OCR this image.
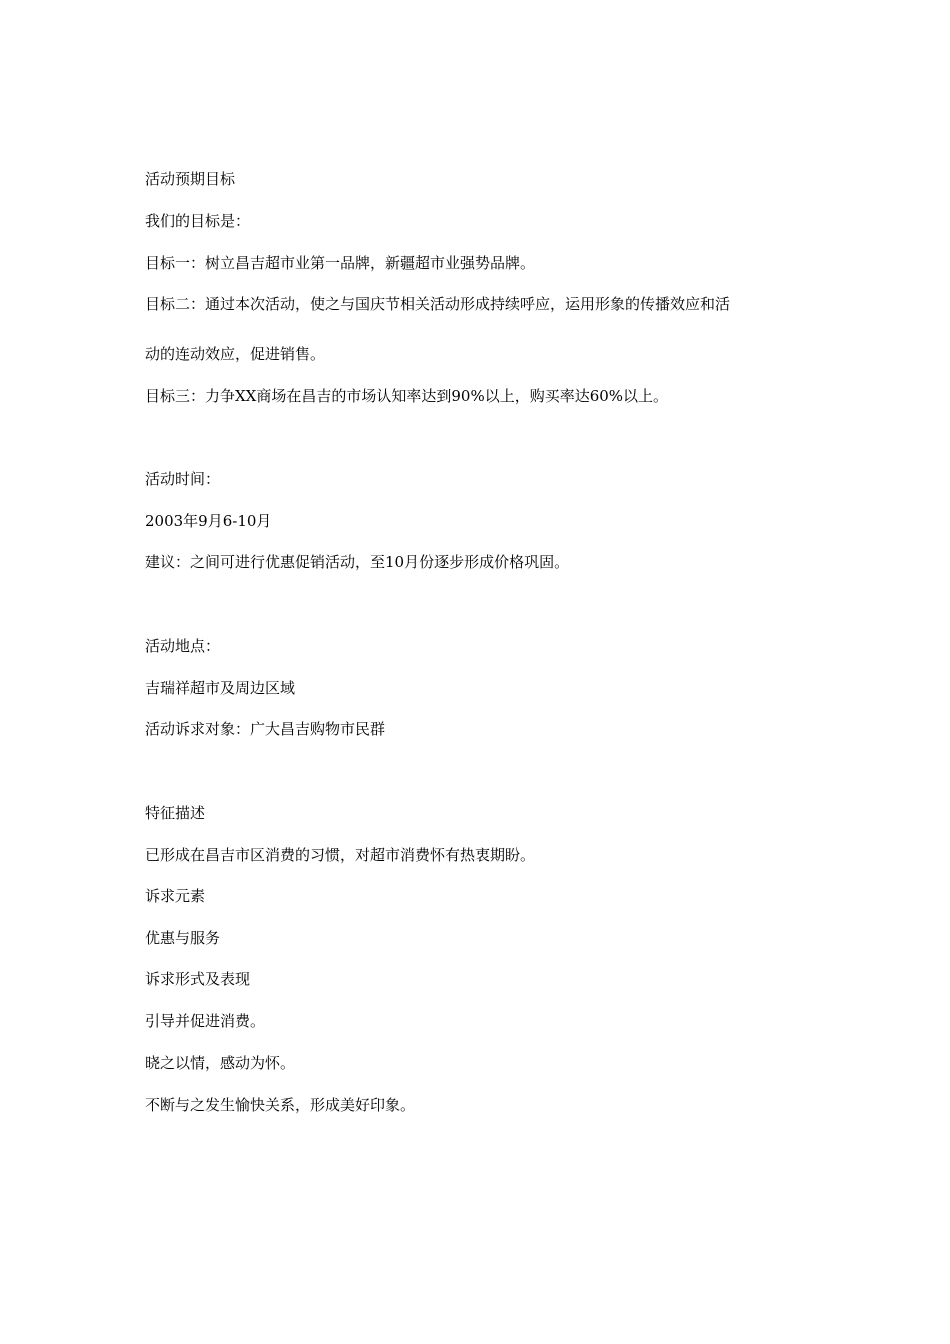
活动预期目标
我们的目标是：
目标一：树立昌吉超市业第一品牌，新疆超市业强势品牌。
目标二：通过本次活动，使之与国庆节相关活动形成持续呼应，运用形象的传播效应和活
动的连动效应，促进销售。
目标三：力争XX商场在昌吉的市场认知率达到90%以上，购买率达60%以上。
活动时间：
2003年9月6-10月
建议：之间可进行优惠促销活动，至10月份逐步形成价格巩固。
活动地点：
吉瑞祥超市及周边区域
活动诉求对象：广大昌吉购物市民群
特征描述
已形成在昌吉市区消费的习惯，对超市消费怀有热衷期盼。
诉求元素
优惠与服务
诉求形式及表现
引导并促进消费。
晓之以情，感动为怀。
不断与之发生愉快关系，形成美好印象。
